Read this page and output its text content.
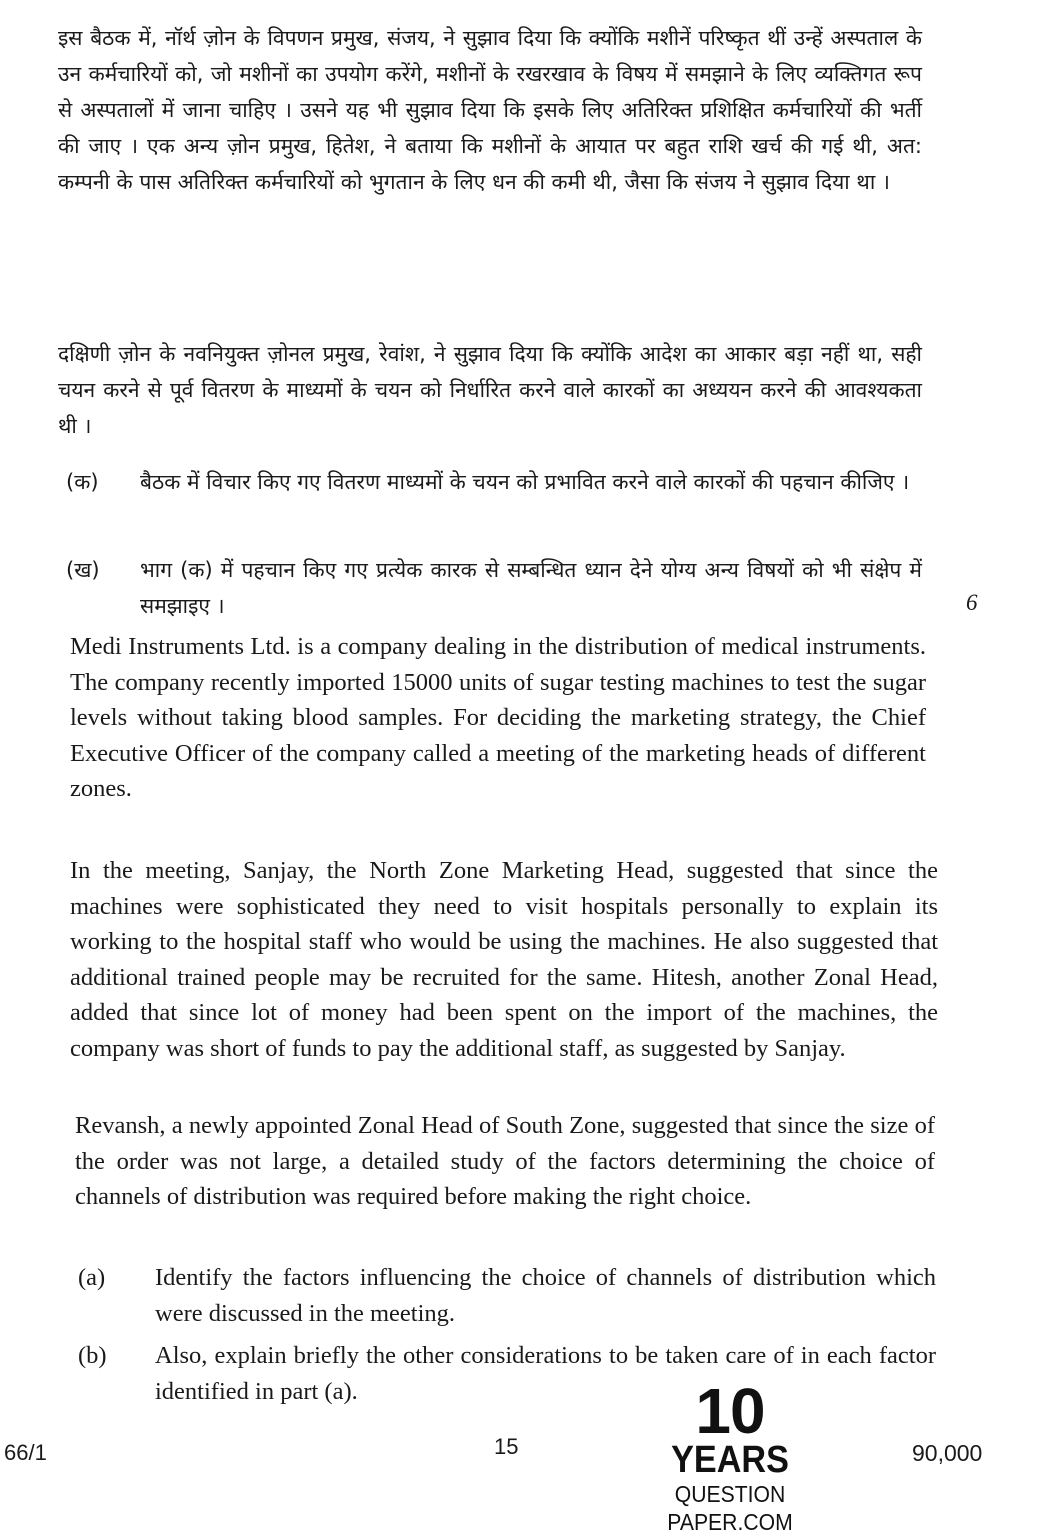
इस बैठक में, नॉर्थ ज़ोन के विपणन प्रमुख, संजय, ने सुझाव दिया कि क्योंकि मशीनें परिष्कृत थीं उन्हें अस्पताल के उन कर्मचारियों को, जो मशीनों का उपयोग करेंगे, मशीनों के रखरखाव के विषय में समझाने के लिए व्यक्तिगत रूप से अस्पतालों में जाना चाहिए । उसने यह भी सुझाव दिया कि इसके लिए अतिरिक्त प्रशिक्षित कर्मचारियों की भर्ती की जाए । एक अन्य ज़ोन प्रमुख, हितेश, ने बताया कि मशीनों के आयात पर बहुत राशि खर्च की गई थी, अत: कम्पनी के पास अतिरिक्त कर्मचारियों को भुगतान के लिए धन की कमी थी, जैसा कि संजय ने सुझाव दिया था ।

दक्षिणी ज़ोन के नवनियुक्त ज़ोनल प्रमुख, रेवांश, ने सुझाव दिया कि क्योंकि आदेश का आकार बड़ा नहीं था, सही चयन करने से पूर्व वितरण के माध्यमों के चयन को निर्धारित करने वाले कारकों का अध्ययन करने की आवश्यकता थी ।

(क)	बैठक में विचार किए गए वितरण माध्यमों के चयन को प्रभावित करने वाले कारकों की पहचान कीजिए ।
(ख)	भाग (क) में पहचान किए गए प्रत्येक कारक से सम्बन्धित ध्यान देने योग्य अन्य विषयों को भी संक्षेप में समझाइए ।	6

Medi Instruments Ltd. is a company dealing in the distribution of medical instruments. The company recently imported 15000 units of sugar testing machines to test the sugar levels without taking blood samples. For deciding the marketing strategy, the Chief Executive Officer of the company called a meeting of the marketing heads of different zones.

In the meeting, Sanjay, the North Zone Marketing Head, suggested that since the machines were sophisticated they need to visit hospitals personally to explain its working to the hospital staff who would be using the machines. He also suggested that additional trained people may be recruited for the same. Hitesh, another Zonal Head, added that since lot of money had been spent on the import of the machines, the company was short of funds to pay the additional staff, as suggested by Sanjay.

Revansh, a newly appointed Zonal Head of South Zone, suggested that since the size of the order was not large, a detailed study of the factors determining the choice of channels of distribution was required before making the right choice.

(a)	Identify the factors influencing the choice of channels of distribution which were discussed in the meeting.
(b)	Also, explain briefly the other considerations to be taken care of in each factor identified in part (a).
66/1	15	90,000
10
YEARS
QUESTION PAPER.COM
